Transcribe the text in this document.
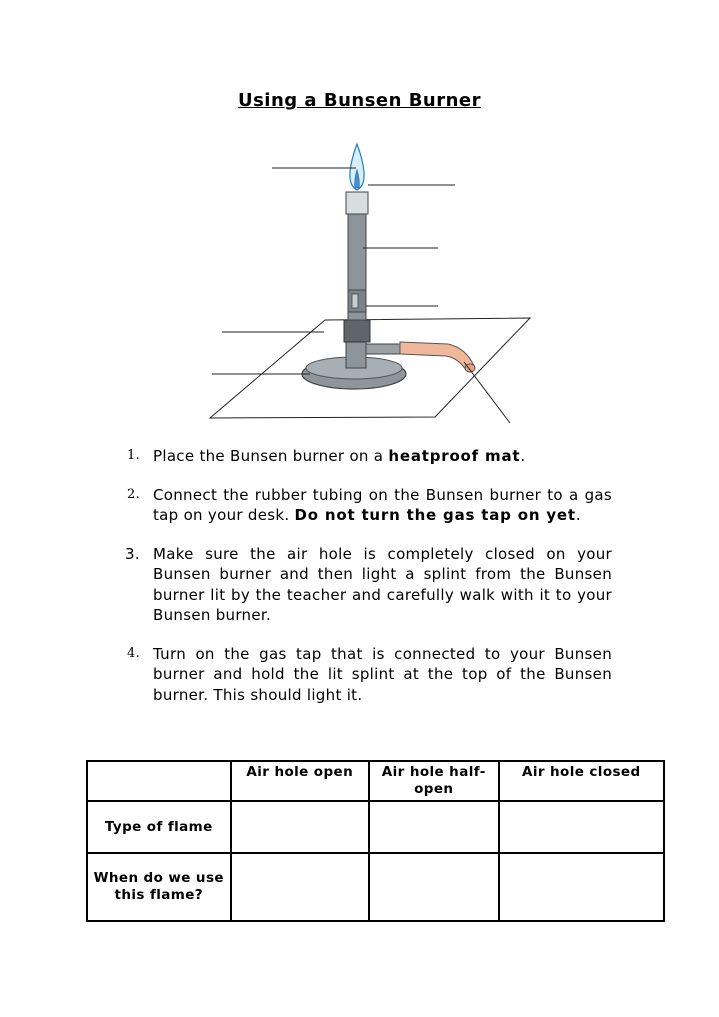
Using a Bunsen Burner
1. Place the Bunsen burner on a heatproof mat.
2. Connect the rubber tubing on the Bunsen burner to a gas tap on your desk. Do not turn the gas tap on yet.
3. Make sure the air hole is completely closed on your Bunsen burner and then light a splint from the Bunsen burner lit by the teacher and carefully walk with it to your Bunsen burner.
4. Turn on the gas tap that is connected to your Bunsen burner and hold the lit splint at the top of the Bunsen burner. This should light it.
	Air hole open	Air hole half-open	Air hole closed
Type of flame			
When do we use this flame?			
